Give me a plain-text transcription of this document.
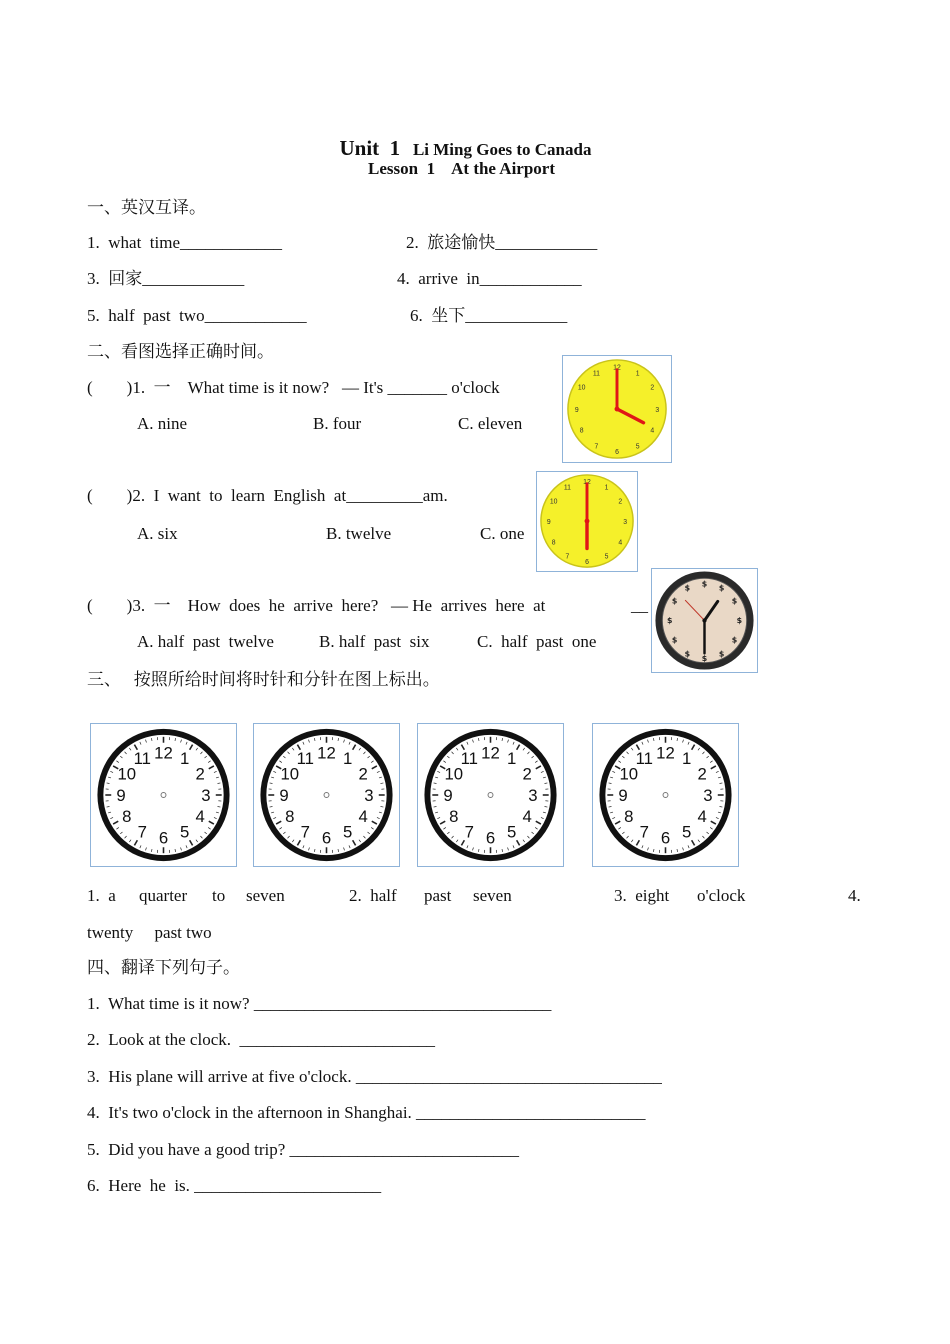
Unit  1 Li Ming Goes to Canada

Lesson  1    At the Airport
一、英汉互译。
1.  what  time____________	2.  旅途愉快____________
3.  回家____________	4.  arrive  in____________
5.  half  past  two____________	6.  坐下____________
二、看图选择正确时间。
(        )1.  一    What time is it now?   — It's _______ o'clock
A. nine	B. four	C. eleven
12
1
2
3
4
5
6
7
8
9
10
11
(        )2.  I  want  to  learn  English  at_________am.
A. six	B. twelve	C. one
12
1
2
3
4
5
6
7
8
9
10
11
(        )3.  一    How  does  he  arrive  here?   — He  arrives  here  at	__
A. half  past  twelve	B. half  past  six	C.  half  past  one
$ $
$
$
$
$
$
$
$
$
$
$
三、   按照所给时间将时针和分针在图上标出。
12 1
2
3
4
5
6
7
8
9
10
11	12 1
2
3
4
5
6
7
8
9
10
11	12 1
2
3
4
5
6
7
8
9
10
11	12 1
2
3
4
5
6
7
8
9
10
11
1.  a quarter to seven	2.  half past seven	3.  eight o'clock	4.
twenty     past two
四、翻译下列句子。
1.  What time is it now? ___________________________________
2.  Look at the clock.  _______________________
3.  His plane will arrive at five o'clock. ____________________________________
4.  It's two o'clock in the afternoon in Shanghai. ___________________________
5.  Did you have a good trip? ___________________________
6.  Here  he  is. ______________________
